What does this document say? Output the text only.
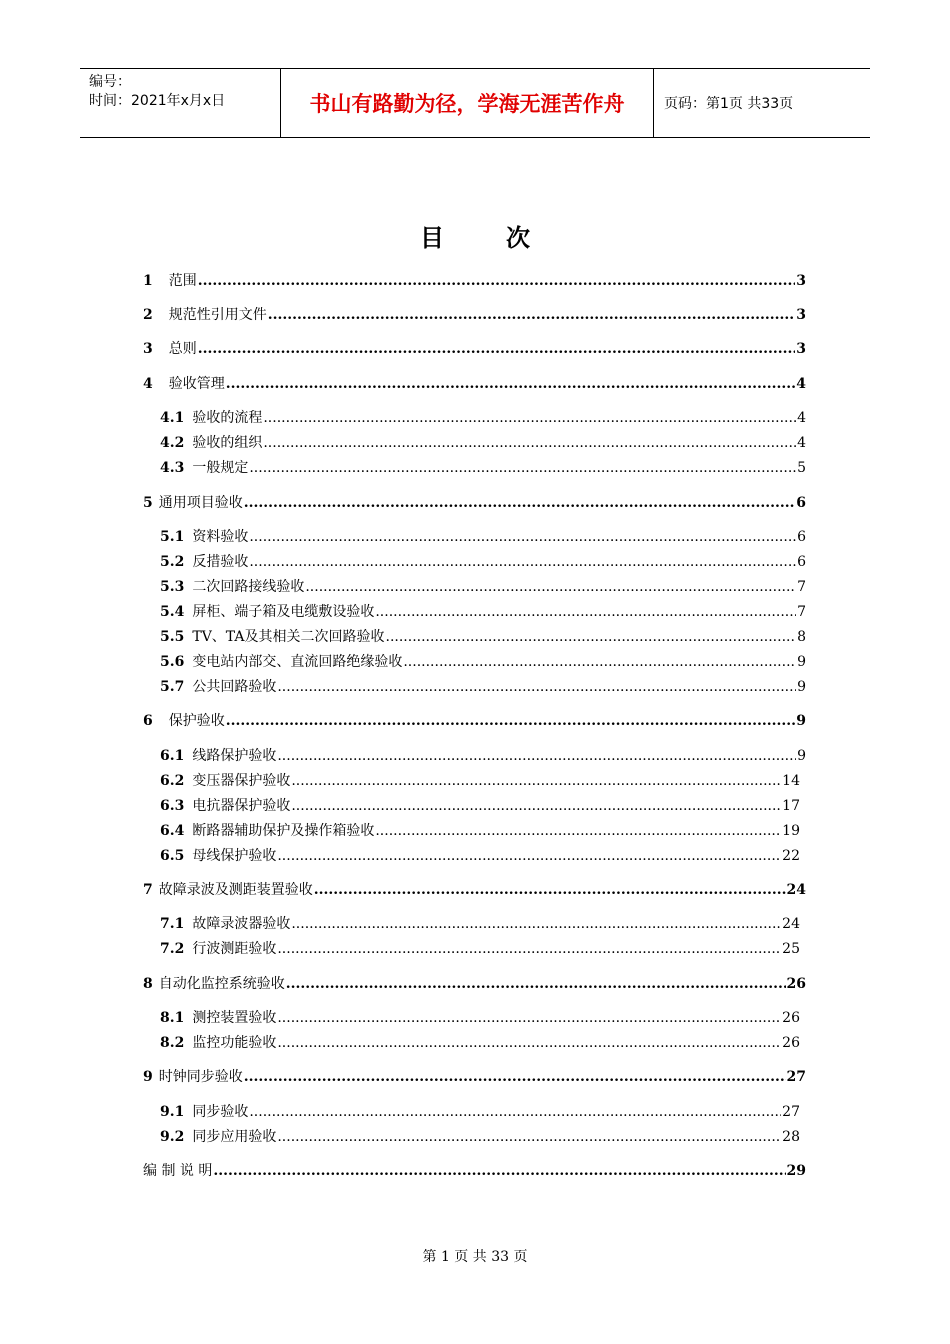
编号：
时间：2021年x月x日	书山有路勤为径，学海无涯苦作舟	页码：第1页 共33页
目	次
1 范围 .....	3
2 规范性引用文件 .....	3
3 总则 .....	3
4 验收管理 .....	4
4.1 验收的流程 .....	4
4.2 验收的组织 .....	4
4.3 一般规定 .....	5
5 通用项目验收 .....	6
5.1 资料验收 .....	6
5.2 反措验收 .....	6
5.3 二次回路接线验收 .....	7
5.4 屏柜、端子箱及电缆敷设验收 .....	7
5.5 TV、TA及其相关二次回路验收 .....	8
5.6 变电站内部交、直流回路绝缘验收 .....	9
5.7 公共回路验收 .....	9
6 保护验收 .....	9
6.1 线路保护验收 .....	9
6.2 变压器保护验收 .....	14
6.3 电抗器保护验收 .....	17
6.4 断路器辅助保护及操作箱验收 .....	19
6.5 母线保护验收 .....	22
7 故障录波及测距装置验收 .....	24
7.1 故障录波器验收 .....	24
7.2 行波测距验收 .....	25
8 自动化监控系统验收 .....	26
8.1 测控装置验收 .....	26
8.2 监控功能验收 .....	26
9 时钟同步验收 .....	27
9.1 同步验收 .....	27
9.2 同步应用验收 .....	28
编 制 说 明 .....	29
第 1 页 共 33 页
